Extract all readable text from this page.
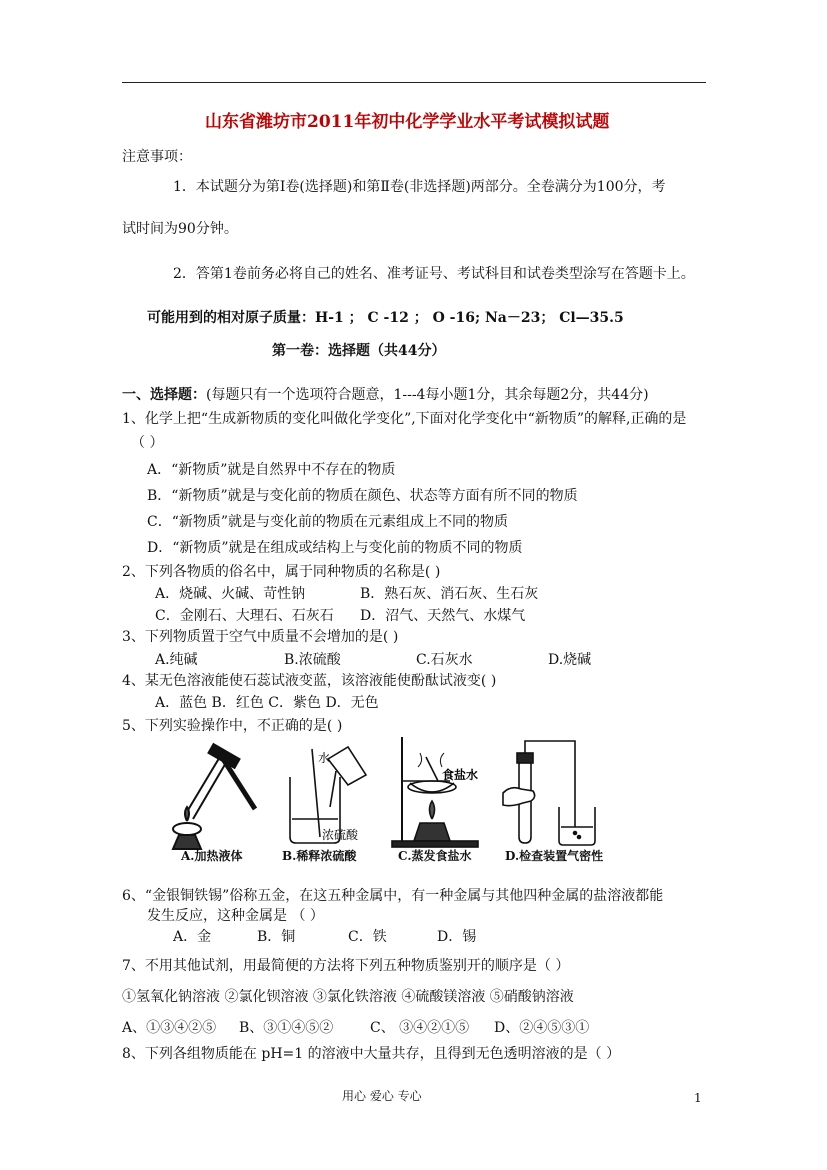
山东省潍坊市2011年初中化学学业水平考试模拟试题
注意事项：
1．本试题分为第Ⅰ卷(选择题)和第Ⅱ卷(非选择题)两部分。全卷满分为100分，考
试时间为90分钟。
2．答第1卷前务必将自己的姓名、准考证号、考试科目和试卷类型涂写在答题卡上。
可能用到的相对原子质量：H-1 ； C -12 ； O -16; Na－23； Cl—35.5
第一卷：选择题（共44分）
一、选择题：(每题只有一个选项符合题意，1---4每小题1分，其余每题2分，共44分)
1、化学上把“生成新物质的变化叫做化学变化”,下面对化学变化中“新物质”的解释,正确的是
（ ）
A．“新物质”就是自然界中不存在的物质
B．“新物质”就是与变化前的物质在颜色、状态等方面有所不同的物质
C．“新物质”就是与变化前的物质在元素组成上不同的物质
D．“新物质”就是在组成或结构上与变化前的物质不同的物质
2、下列各物质的俗名中，属于同种物质的名称是( )
A．烧碱、火碱、苛性钠	B．熟石灰、消石灰、生石灰
C．金刚石、大理石、石灰石 D．沼气、天然气、水煤气
3、下列物质置于空气中质量不会增加的是( )
A.纯碱	B.浓硫酸	C.石灰水	D.烧碱
4、某无色溶液能使石蕊试液变蓝，该溶液能使酚酞试液变( )
A．蓝色 B．红色 C．紫色 D．无色
5、下列实验操作中，不正确的是( )
A.加热液体
水
浓硫酸
B.稀释浓硫酸
食盐水
C.蒸发食盐水	D.检查装置气密性
6、“金银铜铁锡”俗称五金，在这五种金属中，有一种金属与其他四种金属的盐溶液都能
发生反应，这种金属是 （ ）
A．金	B．铜	C．铁	D．锡
7、不用其他试剂，用最简便的方法将下列五种物质鉴别开的顺序是（ ）
①氢氧化钠溶液 ②氯化钡溶液 ③氯化铁溶液 ④硫酸镁溶液 ⑤硝酸钠溶液
A、①③④②⑤ B、③①④⑤②	C、 ③④②①⑤ D、②④⑤③①
8、下列各组物质能在 pH=1 的溶液中大量共存，且得到无色透明溶液的是（ ）
用心 爱心 专心	1
